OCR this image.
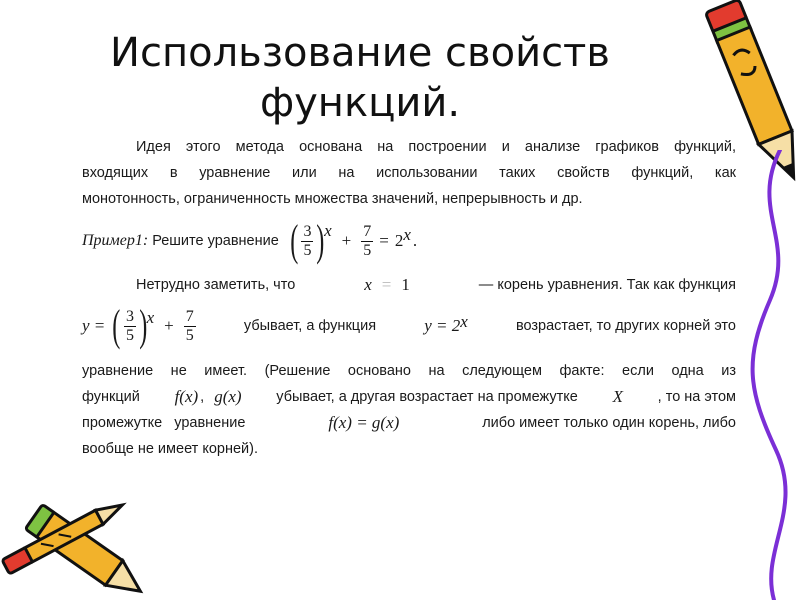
Использование свойств
функций.
Идея этого метода основана на построении и анализе графиков функций,
входящих в уравнение или на использовании таких свойств функций, как
монотонность, ограниченность множества значений, непрерывность и др.
Пример1: Решите уравнение ( $\frac{3}{5}$ ) x
+ $\frac{7}{5} = 2$ x .
Нетрудно заметить, что	x = 1	— корень уравнения. Так как функция
y = ( $\frac{3}{5}$ ) $x + \frac{7}{5}$	убывает, а функция	y = 2 x	возрастает, то других корней это
уравнение не имеет. (Решение основано на следующем факте: если одна из
функций f(x) , g(x) убывает, а другая возрастает на промежутке X , то на этом
промежутке   уравнение	f(x) = g(x)	либо имеет только один корень, либо
вообще не имеет корней).
